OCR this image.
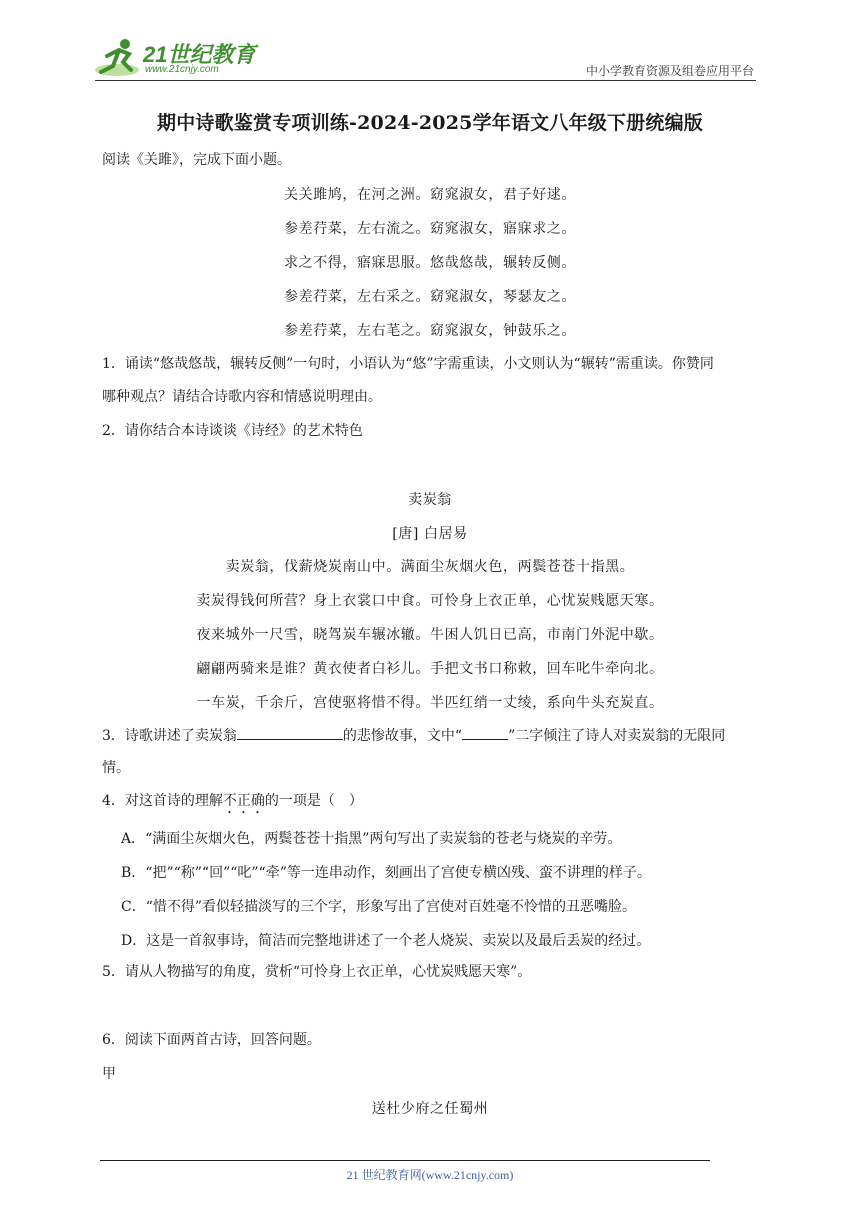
21世纪教育
www.21cnjy.com	中小学教育资源及组卷应用平台
期中诗歌鉴赏专项训练-2024-2025学年语文八年级下册统编版
阅读《关雎》，完成下面小题。
关关雎鸠，在河之洲。窈窕淑女，君子好逑。
参差荇菜，左右流之。窈窕淑女，寤寐求之。
求之不得，寤寐思服。悠哉悠哉，辗转反侧。
参差荇菜，左右采之。窈窕淑女，琴瑟友之。
参差荇菜，左右芼之。窈窕淑女，钟鼓乐之。
1．诵读“悠哉悠哉，辗转反侧”一句时，小语认为“悠”字需重读，小文则认为“辗转”需重读。你赞同
哪种观点？请结合诗歌内容和情感说明理由。
2．请你结合本诗谈谈《诗经》的艺术特色
卖炭翁
[唐] 白居易
卖炭翁，伐薪烧炭南山中。满面尘灰烟火色，两鬓苍苍十指黑。
卖炭得钱何所营？身上衣裳口中食。可怜身上衣正单，心忧炭贱愿天寒。
夜来城外一尺雪，晓驾炭车辗冰辙。牛困人饥日已高，市南门外泥中歇。
翩翩两骑来是谁？黄衣使者白衫儿。手把文书口称敕，回车叱牛牵向北。
一车炭，千余斤，宫使驱将惜不得。半匹红绡一丈绫，系向牛头充炭直。
3．诗歌讲述了卖炭翁	的悲惨故事，文中“	”二字倾注了诗人对卖炭翁的无限同
情。
4．对这首诗的理解不正确的一项是（　）
A．“满面尘灰烟火色，两鬓苍苍十指黑”两句写出了卖炭翁的苍老与烧炭的辛劳。
B．“把”“称”“回”“叱”“牵”等一连串动作，刻画出了宫使专横凶残、蛮不讲理的样子。
C．“惜不得”看似轻描淡写的三个字，形象写出了宫使对百姓毫不怜惜的丑恶嘴脸。
D．这是一首叙事诗，简洁而完整地讲述了一个老人烧炭、卖炭以及最后丢炭的经过。
5．请从人物描写的角度，赏析“可怜身上衣正单，心忧炭贱愿天寒”。
6．阅读下面两首古诗，回答问题。
甲
送杜少府之任蜀州
21 世纪教育网(www.21cnjy.com)
